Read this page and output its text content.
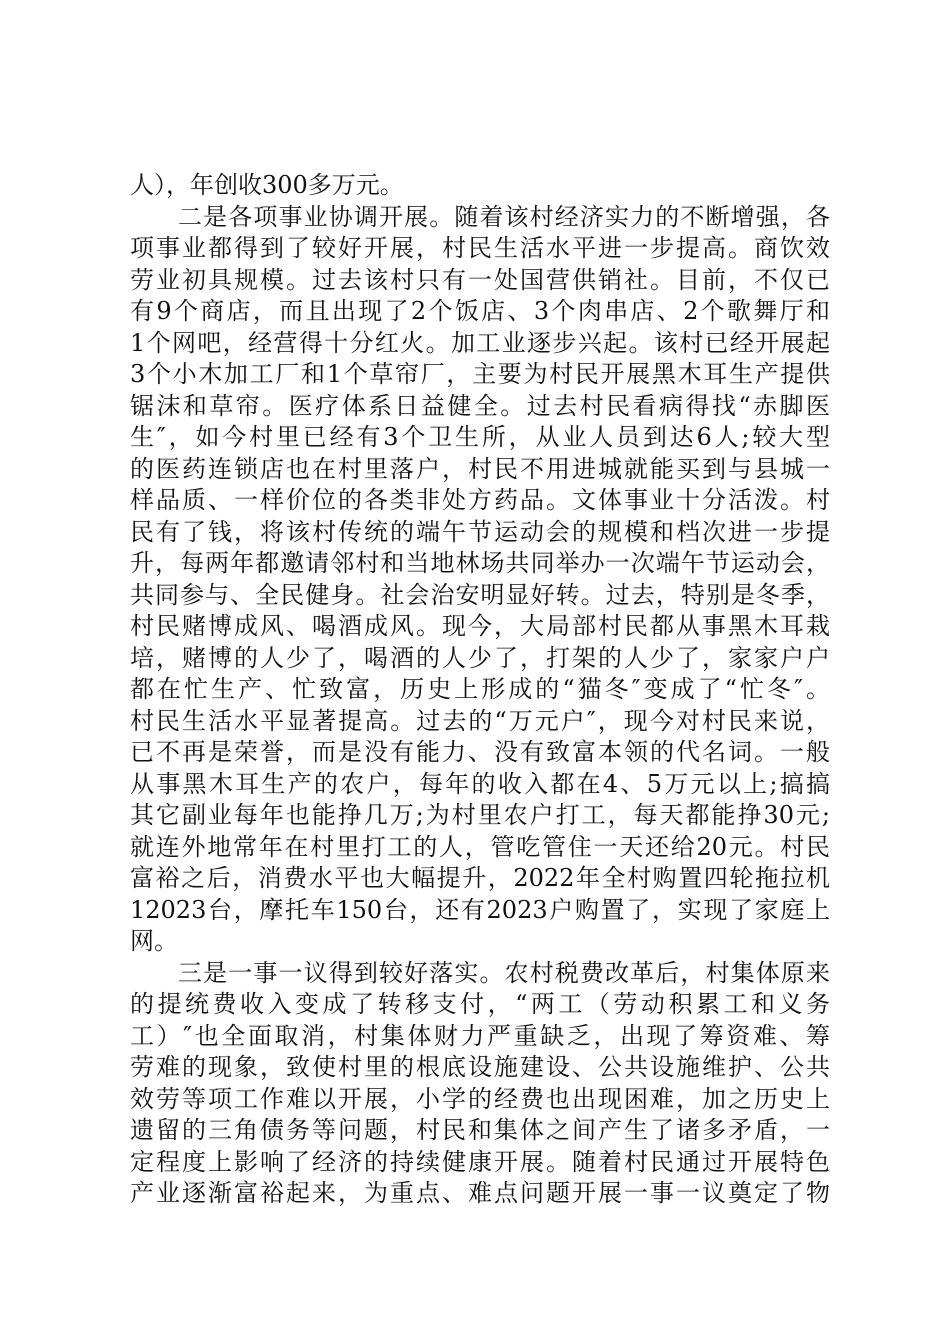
人），年创收300多万元。
二是各项事业协调开展。随着该村经济实力的不断增强，各
项事业都得到了较好开展，村民生活水平进一步提高。商饮效
劳业初具规模。过去该村只有一处国营供销社。目前，不仅已
有9个商店，而且出现了2个饭店、3个肉串店、2个歌舞厅和
1个网吧，经营得十分红火。加工业逐步兴起。该村已经开展起
3个小木加工厂和1个草帘厂，主要为村民开展黑木耳生产提供
锯沫和草帘。医疗体系日益健全。过去村民看病得找“赤脚医
生″，如今村里已经有3个卫生所，从业人员到达6人;较大型
的医药连锁店也在村里落户，村民不用进城就能买到与县城一
样品质、一样价位的各类非处方药品。文体事业十分活泼。村
民有了钱，将该村传统的端午节运动会的规模和档次进一步提
升，每两年都邀请邻村和当地林场共同举办一次端午节运动会，
共同参与、全民健身。社会治安明显好转。过去，特别是冬季，
村民赌博成风、喝酒成风。现今，大局部村民都从事黑木耳栽
培，赌博的人少了，喝酒的人少了，打架的人少了，家家户户
都在忙生产、忙致富，历史上形成的“猫冬″变成了“忙冬″。
村民生活水平显著提高。过去的“万元户″，现今对村民来说，
已不再是荣誉，而是没有能力、没有致富本领的代名词。一般
从事黑木耳生产的农户，每年的收入都在4、5万元以上;搞搞
其它副业每年也能挣几万;为村里农户打工，每天都能挣30元;
就连外地常年在村里打工的人，管吃管住一天还给20元。村民
富裕之后，消费水平也大幅提升，2022年全村购置四轮拖拉机
12023台，摩托车150台，还有2023户购置了，实现了家庭上
网。
三是一事一议得到较好落实。农村税费改革后，村集体原来
的提统费收入变成了转移支付，“两工（劳动积累工和义务
工）″也全面取消，村集体财力严重缺乏，出现了筹资难、筹
劳难的现象，致使村里的根底设施建设、公共设施维护、公共
效劳等项工作难以开展，小学的经费也出现困难，加之历史上
遗留的三角债务等问题，村民和集体之间产生了诸多矛盾，一
定程度上影响了经济的持续健康开展。随着村民通过开展特色
产业逐渐富裕起来，为重点、难点问题开展一事一议奠定了物
